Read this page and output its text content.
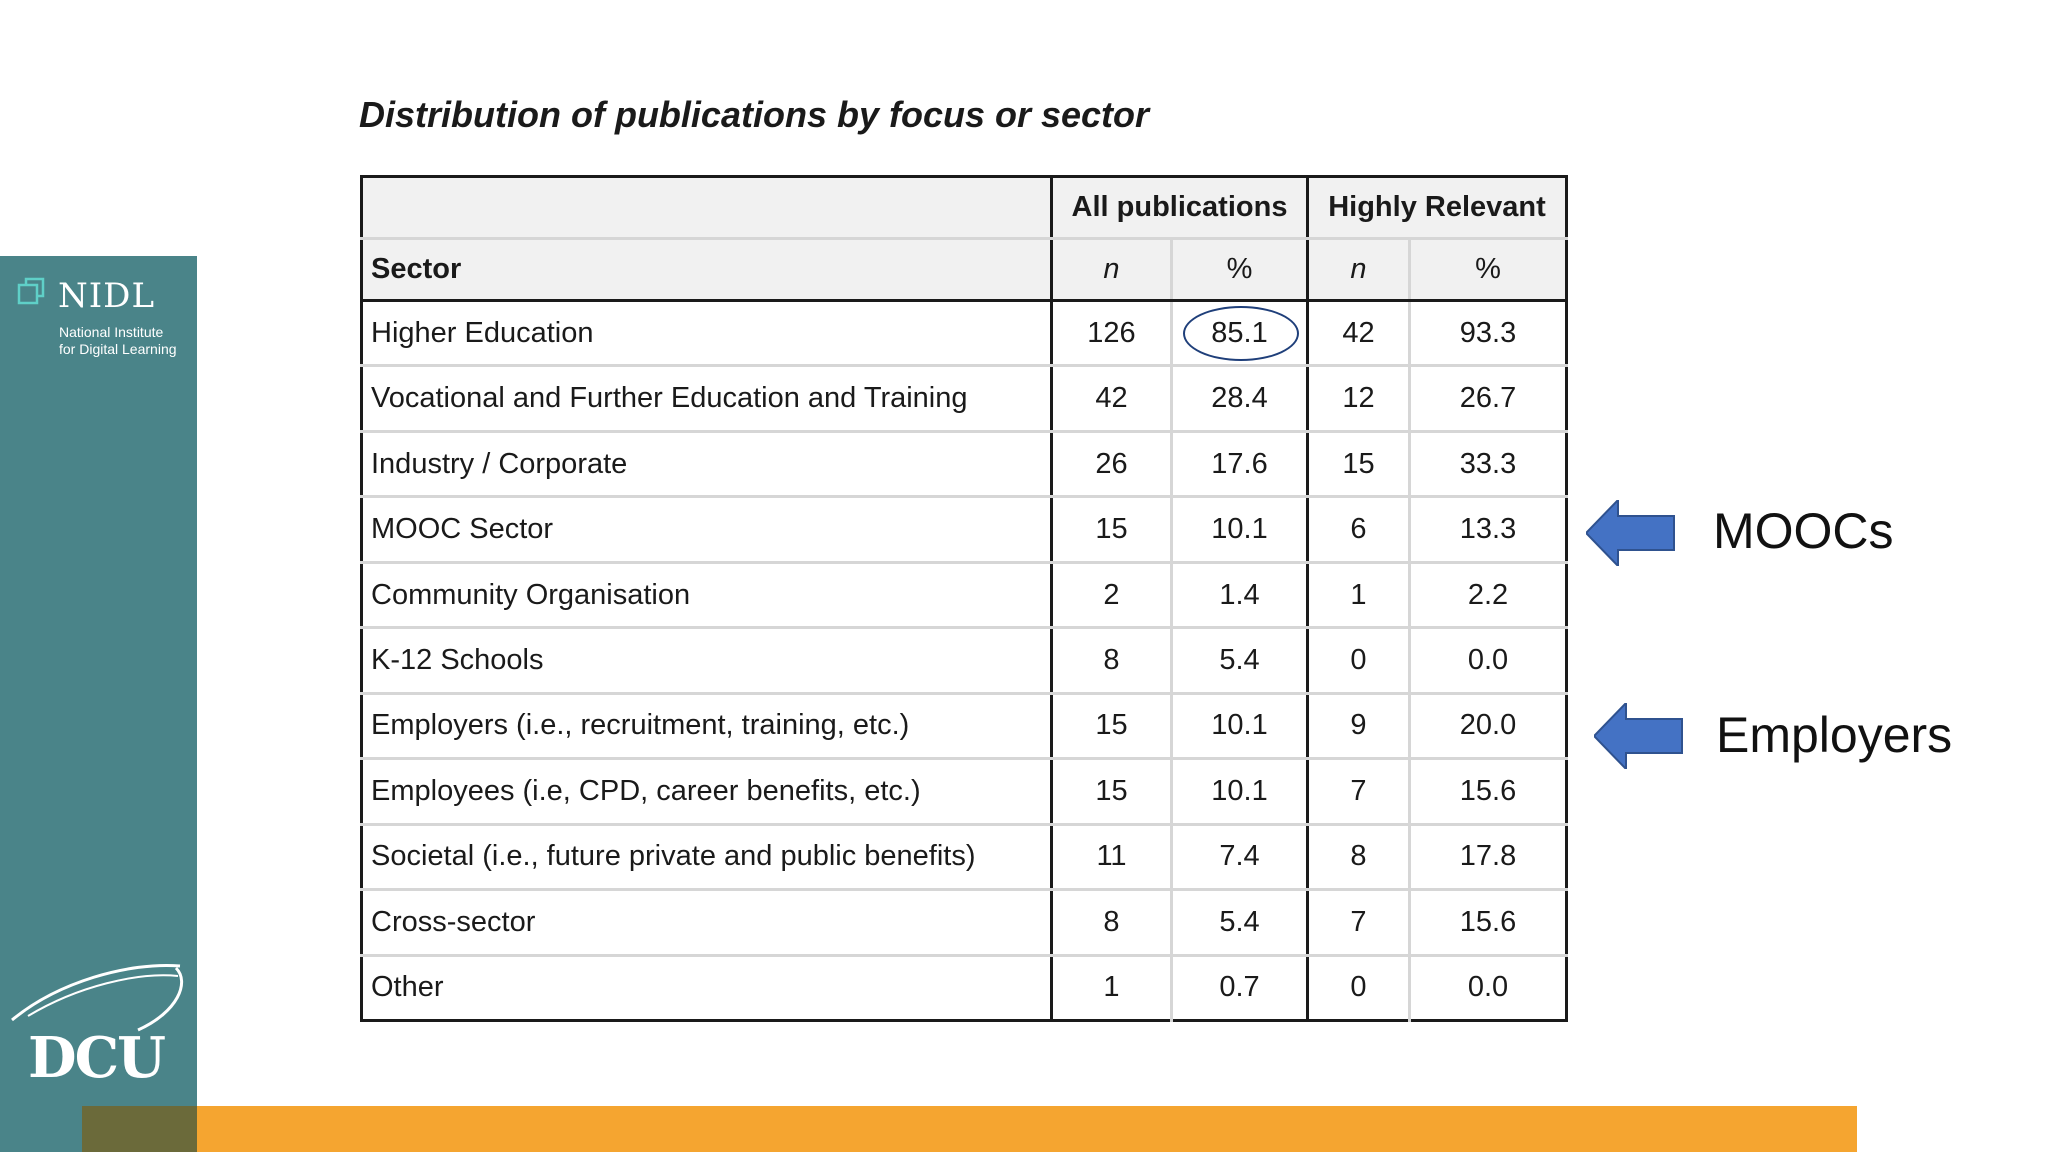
NIDL
National Institute
for Digital Learning
DCU
Distribution of publications by focus or sector
	All publications		Highly Relevant	
Sector	n	%	n	%
Higher Education	126	85.1	42	93.3
Vocational and Further Education and Training	42	28.4	12	26.7
Industry / Corporate	26	17.6	15	33.3
MOOC Sector	15	10.1	6	13.3
Community Organisation	2	1.4	1	2.2
K-12 Schools	8	5.4	0	0.0
Employers (i.e., recruitment, training, etc.)	15	10.1	9	20.0
Employees (i.e, CPD, career benefits, etc.)	15	10.1	7	15.6
Societal (i.e., future private and public benefits)	11	7.4	8	17.8
Cross-sector	8	5.4	7	15.6
Other	1	0.7	0	0.0
MOOCs
Employers
